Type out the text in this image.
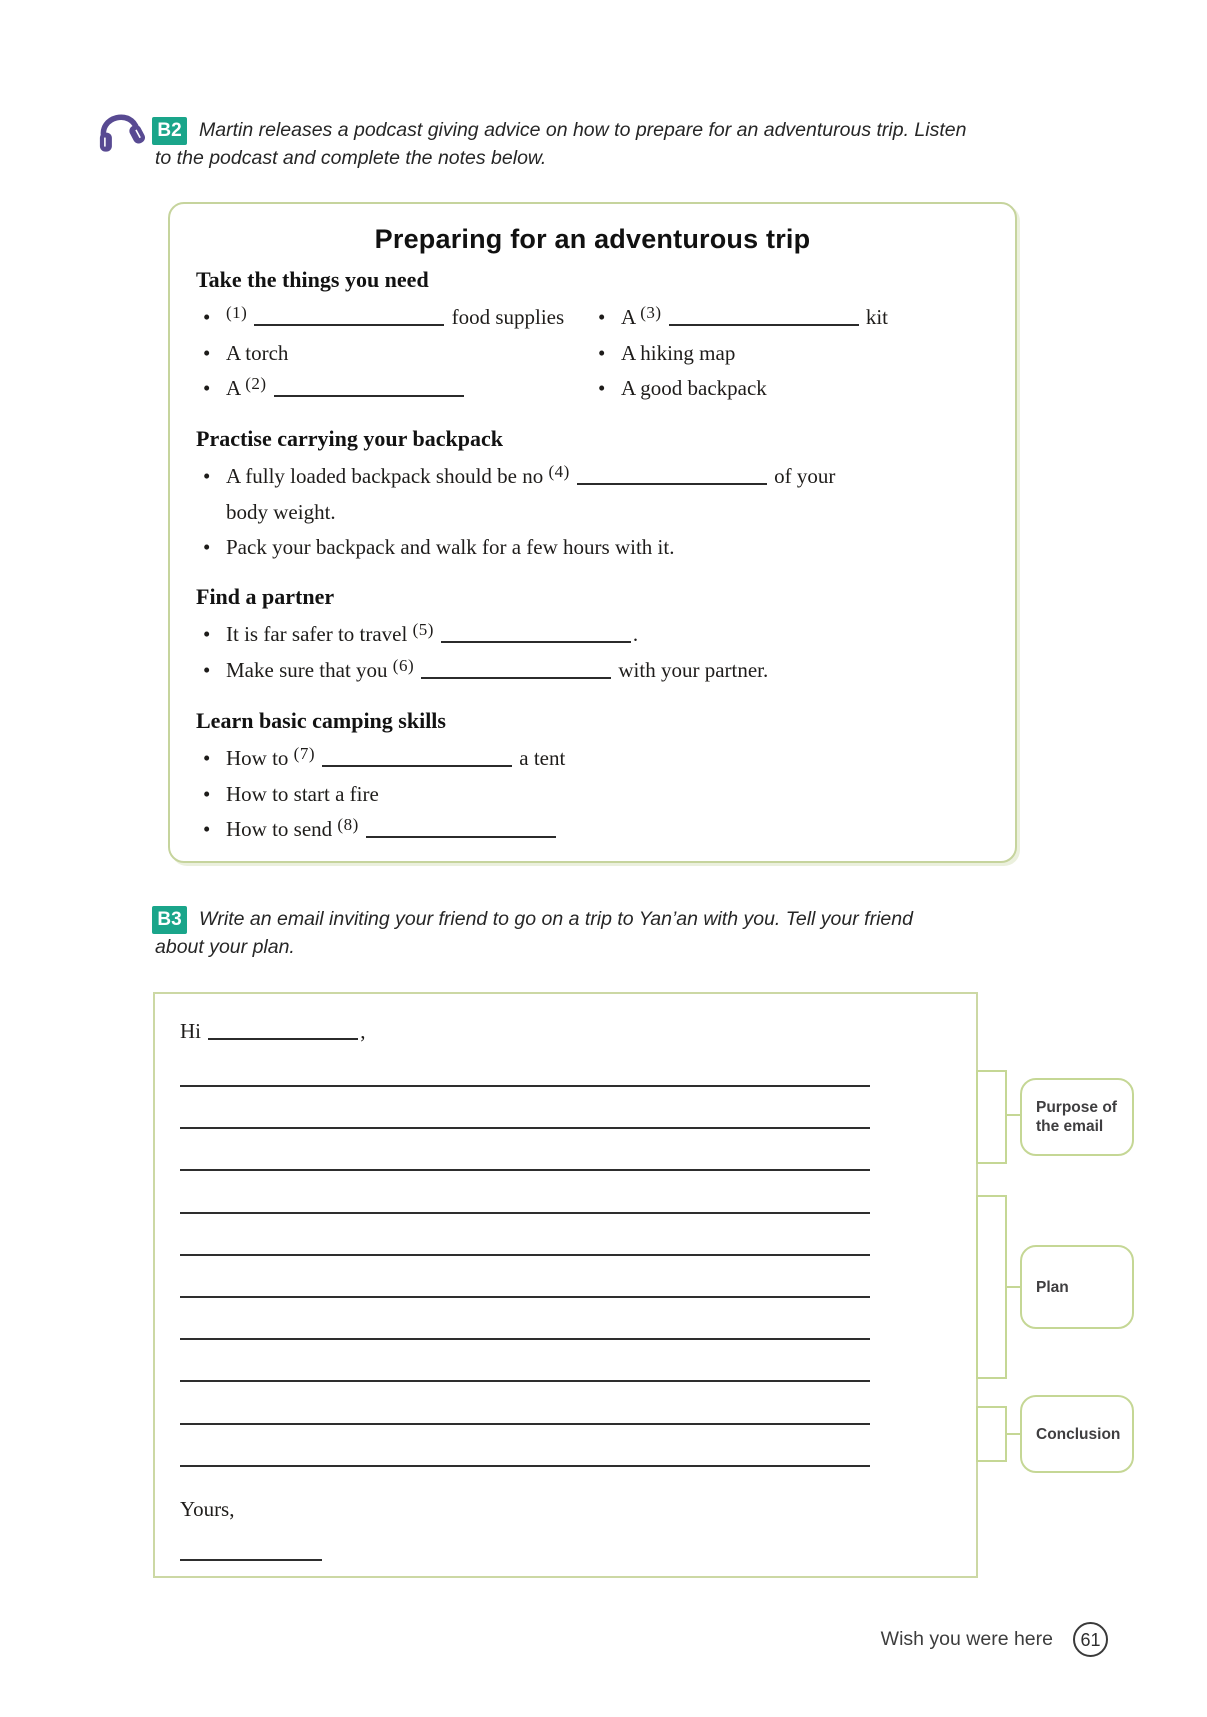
B2 Martin releases a podcast giving advice on how to prepare for an adventurous trip. Listen
to the podcast and complete the notes below.
Preparing for an adventurous trip
Take the things you need
• $^{(1)}$	food supplies
• A torch
• A $^{(2)}$
• A $^{(3)}$	kit
• A hiking map
• A good backpack
Practise carrying your backpack
• A fully loaded backpack should be no $^{(4)}$	of your
body weight.
• Pack your backpack and walk for a few hours with it.
Find a partner
• It is far safer to travel $^{(5)}$	.
• Make sure that you $^{(6)}$	with your partner.
Learn basic camping skills
• How to $^{(7)}$	a tent
• How to start a fire
• How to send $^{(8)}$
B3 Write an email inviting your friend to go on a trip to Yan’an with you. Tell your friend
about your plan.
Hi	,
Yours,
Purpose of the email
Plan
Conclusion
Wish you were here	61
